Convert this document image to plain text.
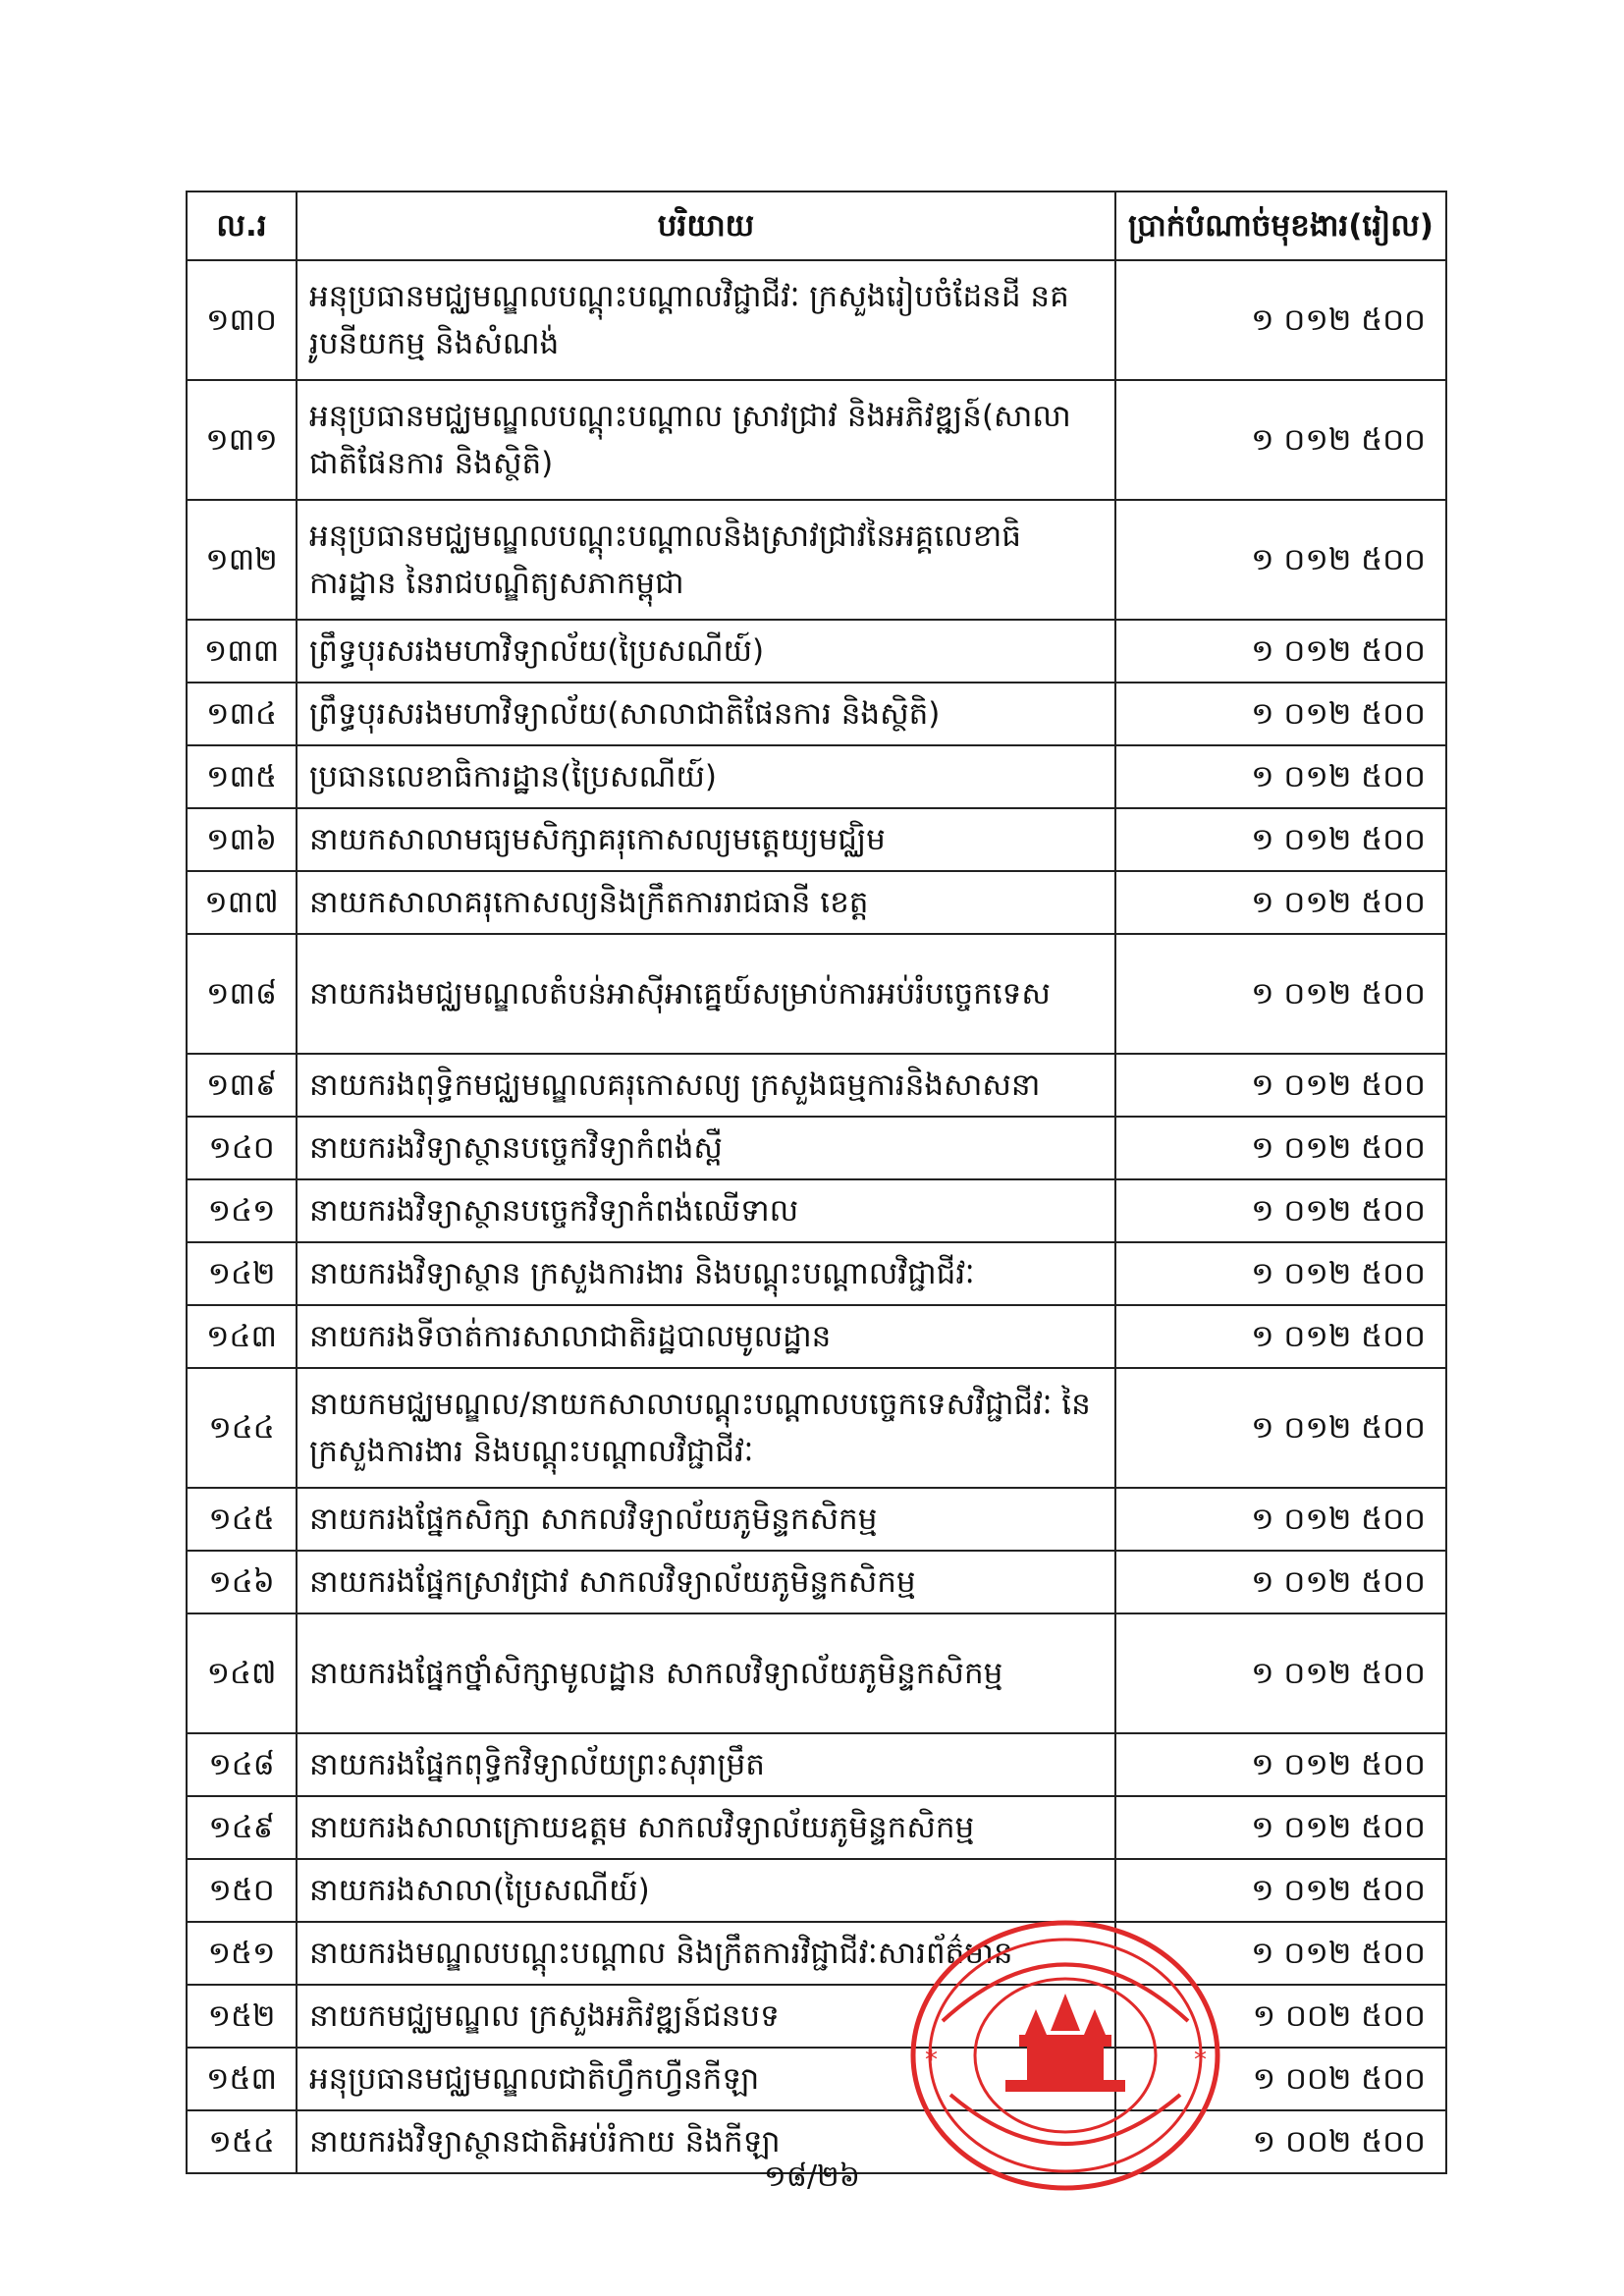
ល.រ	បរិយាយ	ប្រាក់បំណាច់មុខងារ(រៀល)
១៣០	អនុប្រធានមជ្ឈមណ្ឌលបណ្តុះបណ្តាលវិជ្ជាជីវៈ ក្រសួងរៀបចំដែនដី នគរូបនីយកម្ម និងសំណង់	១ ០១២ ៥០០
១៣១	អនុប្រធានមជ្ឈមណ្ឌលបណ្តុះបណ្តាល ស្រាវជ្រាវ និងអភិវឌ្ឍន៍(សាលាជាតិផែនការ និងស្ថិតិ)	១ ០១២ ៥០០
១៣២	អនុប្រធានមជ្ឈមណ្ឌលបណ្តុះបណ្តាលនិងស្រាវជ្រាវនៃអគ្គលេខាធិការដ្ឋាន នៃរាជបណ្ឌិត្យសភាកម្ពុជា	១ ០១២ ៥០០
១៣៣	ព្រឹទ្ធបុរសរងមហាវិទ្យាល័យ(ប្រៃសណីយ៍)	១ ០១២ ៥០០
១៣៤	ព្រឹទ្ធបុរសរងមហាវិទ្យាល័យ(សាលាជាតិផែនការ និងស្ថិតិ)	១ ០១២ ៥០០
១៣៥	ប្រធានលេខាធិការដ្ឋាន(ប្រៃសណីយ៍)	១ ០១២ ៥០០
១៣៦	នាយកសាលាមធ្យមសិក្សាគរុកោសល្យមត្តេយ្យមជ្ឈិម	១ ០១២ ៥០០
១៣៧	នាយកសាលាគរុកោសល្យនិងក្រឹតការរាជធានី ខេត្ត	១ ០១២ ៥០០
១៣៨	នាយករងមជ្ឈមណ្ឌលតំបន់អាស៊ីអាគ្នេយ៍សម្រាប់ការអប់រំបច្ចេកទេស	១ ០១២ ៥០០
១៣៩	នាយករងពុទ្ធិកមជ្ឈមណ្ឌលគរុកោសល្យ ក្រសួងធម្មការនិងសាសនា	១ ០១២ ៥០០
១៤០	នាយករងវិទ្យាស្ថានបច្ចេកវិទ្យាកំពង់ស្ពឺ	១ ០១២ ៥០០
១៤១	នាយករងវិទ្យាស្ថានបច្ចេកវិទ្យាកំពង់ឈើទាល	១ ០១២ ៥០០
១៤២	នាយករងវិទ្យាស្ថាន ក្រសួងការងារ និងបណ្តុះបណ្តាលវិជ្ជាជីវៈ	១ ០១២ ៥០០
១៤៣	នាយករងទីចាត់ការសាលាជាតិរដ្ឋបាលមូលដ្ឋាន	១ ០១២ ៥០០
១៤៤	នាយកមជ្ឈមណ្ឌល/នាយកសាលាបណ្តុះបណ្តាលបច្ចេកទេសវិជ្ជាជីវៈ នៃក្រសួងការងារ និងបណ្តុះបណ្តាលវិជ្ជាជីវៈ	១ ០១២ ៥០០
១៤៥	នាយករងផ្នែកសិក្សា សាកលវិទ្យាល័យភូមិន្ទកសិកម្ម	១ ០១២ ៥០០
១៤៦	នាយករងផ្នែកស្រាវជ្រាវ សាកលវិទ្យាល័យភូមិន្ទកសិកម្ម	១ ០១២ ៥០០
១៤៧	នាយករងផ្នែកថ្នាំសិក្សាមូលដ្ឋាន សាកលវិទ្យាល័យភូមិន្ទកសិកម្ម	១ ០១២ ៥០០
១៤៨	នាយករងផ្នែកពុទ្ធិកវិទ្យាល័យព្រះសុរាម្រឹត	១ ០១២ ៥០០
១៤៩	នាយករងសាលាក្រោយឧត្តម សាកលវិទ្យាល័យភូមិន្ទកសិកម្ម	១ ០១២ ៥០០
១៥០	នាយករងសាលា(ប្រៃសណីយ៍)	១ ០១២ ៥០០
១៥១	នាយករងមណ្ឌលបណ្តុះបណ្តាល និងក្រឹតការវិជ្ជាជីវៈសារព័ត៌មាន	១ ០១២ ៥០០
១៥២	នាយកមជ្ឈមណ្ឌល ក្រសួងអភិវឌ្ឍន៍ជនបទ	១ ០០២ ៥០០
១៥៣	អនុប្រធានមជ្ឈមណ្ឌលជាតិហ្វឹកហ្វឺនកីឡា	១ ០០២ ៥០០
១៥៤	នាយករងវិទ្យាស្ថានជាតិអប់រំកាយ និងកីឡា	១ ០០២ ៥០០
១៨/២៦
*	*
